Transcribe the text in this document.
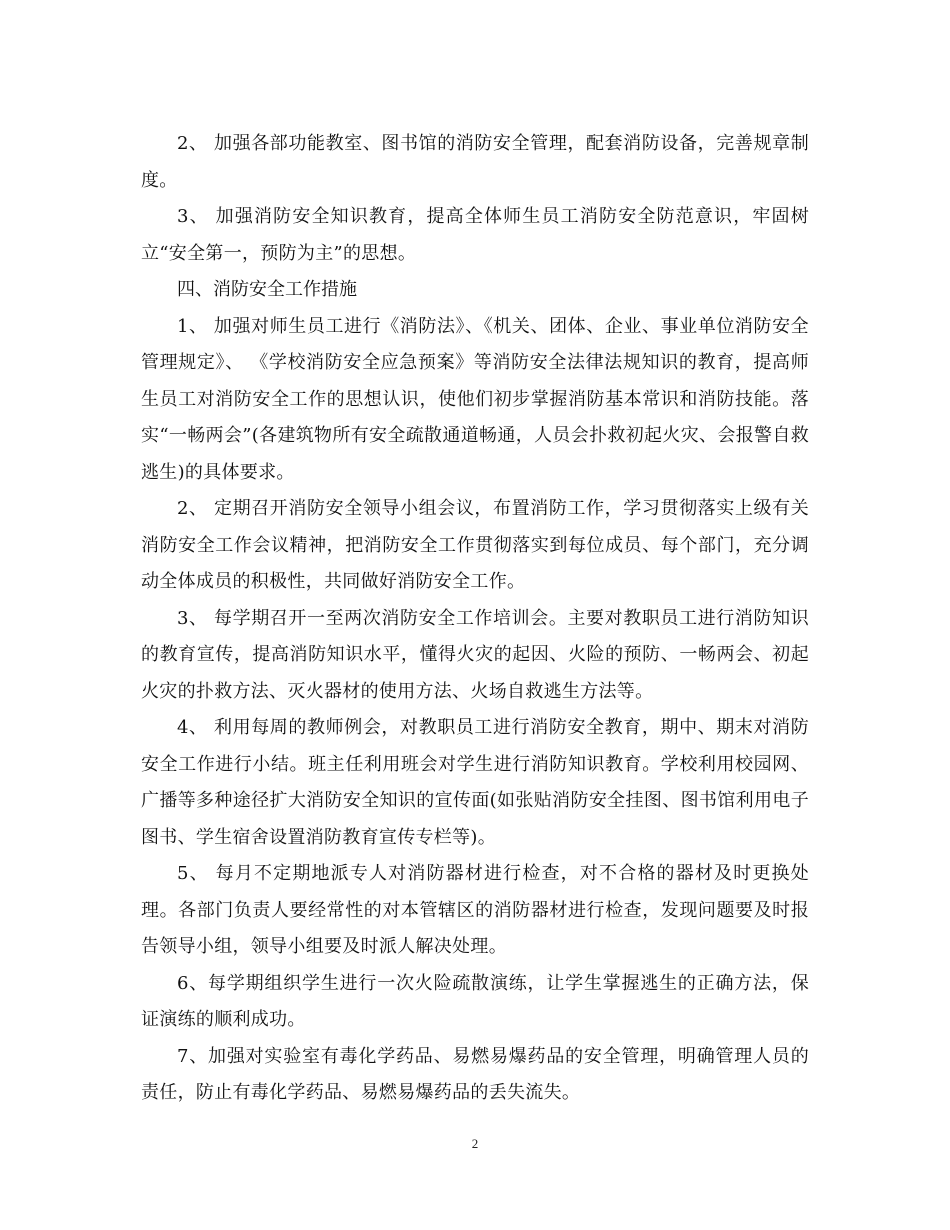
2、 加强各部功能教室、图书馆的消防安全管理，配套消防设备，完善规章制度。

3、 加强消防安全知识教育，提高全体师生员工消防安全防范意识，牢固树立“安全第一，预防为主”的思想。

四、消防安全工作措施

1、 加强对师生员工进行《消防法》、《机关、团体、企业、事业单位消防安全管理规定》、 《学校消防安全应急预案》等消防安全法律法规知识的教育，提高师生员工对消防安全工作的思想认识，使他们初步掌握消防基本常识和消防技能。落实“一畅两会”(各建筑物所有安全疏散通道畅通，人员会扑救初起火灾、会报警自救逃生)的具体要求。

2、 定期召开消防安全领导小组会议，布置消防工作，学习贯彻落实上级有关消防安全工作会议精神，把消防安全工作贯彻落实到每位成员、每个部门，充分调动全体成员的积极性，共同做好消防安全工作。

3、 每学期召开一至两次消防安全工作培训会。主要对教职员工进行消防知识的教育宣传，提高消防知识水平，懂得火灾的起因、火险的预防、一畅两会、初起火灾的扑救方法、灭火器材的使用方法、火场自救逃生方法等。

4、 利用每周的教师例会，对教职员工进行消防安全教育，期中、期末对消防安全工作进行小结。班主任利用班会对学生进行消防知识教育。学校利用校园网、广播等多种途径扩大消防安全知识的宣传面(如张贴消防安全挂图、图书馆利用电子图书、学生宿舍设置消防教育宣传专栏等)。

5、 每月不定期地派专人对消防器材进行检查，对不合格的器材及时更换处理。各部门负责人要经常性的对本管辖区的消防器材进行检查，发现问题要及时报告领导小组，领导小组要及时派人解决处理。

6、每学期组织学生进行一次火险疏散演练，让学生掌握逃生的正确方法，保证演练的顺利成功。

7、加强对实验室有毒化学药品、易燃易爆药品的安全管理，明确管理人员的责任，防止有毒化学药品、易燃易爆药品的丢失流失。

2
